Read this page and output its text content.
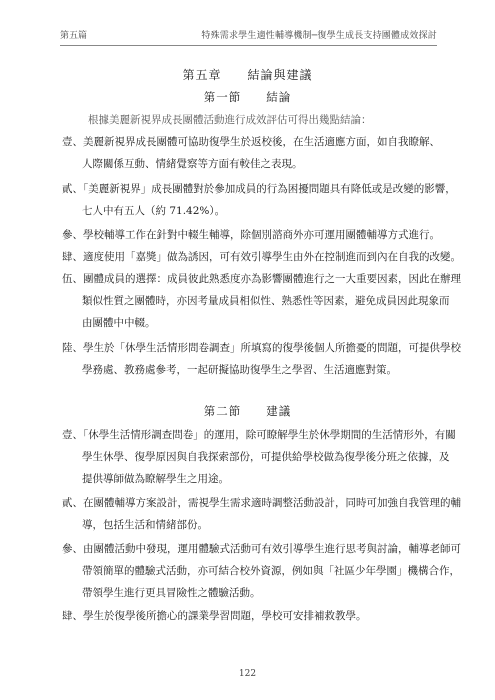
第五篇	特殊需求學生適性輔導機制─復學生成長支持團體成效探討
第五章　　結論與建議
第一節　　結論
根據美麗新視界成長團體活動進行成效評估可得出幾點結論：
壹、美麗新視界成長團體可協助復學生於返校後，在生活適應方面，如自我瞭解、
人際關係互動、情緒覺察等方面有較佳之表現。
貳、「美麗新視界」成長團體對於參加成員的行為困擾問題具有降低或是改變的影響，
七人中有五人（約 71.42%）。
參、學校輔導工作在針對中輟生輔導，除個別諮商外亦可運用團體輔導方式進行。
肆、適度使用「嘉獎」做為誘因，可有效引導學生由外在控制進而到內在自我的改變。
伍、團體成員的選擇：成員彼此熟悉度亦為影響團體進行之一大重要因素，因此在辦理
類似性質之團體時，亦因考量成員相似性、熟悉性等因素，避免成員因此現象而
由團體中中輟。
陸、學生於「休學生活情形問卷調查」所填寫的復學後個人所擔憂的問題，可提供學校
學務處、教務處參考，一起研擬協助復學生之學習、生活適應對策。
第二節　　建議
壹、「休學生活情形調查問卷」的運用，除可瞭解學生於休學期間的生活情形外，有關
學生休學、復學原因與自我探索部份，可提供給學校做為復學後分班之依據，及
提供導師做為瞭解學生之用途。
貳、在團體輔導方案設計，需視學生需求適時調整活動設計，同時可加強自我管理的輔
導，包括生活和情緒部份。
參、由團體活動中發現，運用體驗式活動可有效引導學生進行思考與討論，輔導老師可
帶領簡單的體驗式活動，亦可結合校外資源，例如與「社區少年學園」機構合作，
帶領學生進行更具冒險性之體驗活動。
肆、學生於復學後所擔心的課業學習問題，學校可安排補救教學。
122
